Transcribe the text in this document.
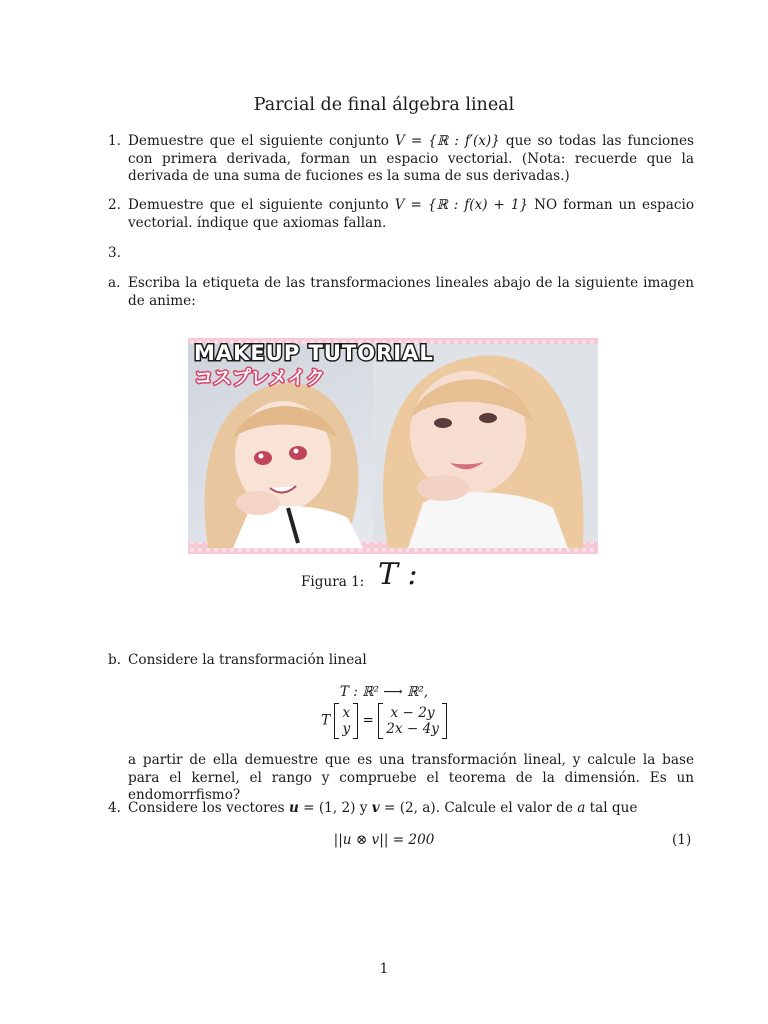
Parcial de final álgebra lineal
1. Demuestre que el siguiente conjunto V = {ℝ : f′(x)} que so todas las funciones con primera derivada, forman un espacio vectorial. (Nota: recuerde que la derivada de una suma de fuciones es la suma de sus derivadas.)
2. Demuestre que el siguiente conjunto V = {ℝ : f(x) + 1} NO forman un espacio vectorial. índique que axiomas fallan.
3.
a. Escriba la etiqueta de las transformaciones lineales abajo de la siguiente imagen de anime:
MAKEUP TUTORIAL
コスプレメイク
Figura 1: T :
b. Considere la transformación lineal
T : ℝ² ⟶ ℝ²,
T x
y
= x − 2y
2x − 4y
a partir de ella demuestre que es una transformación lineal, y calcule la base para el kernel, el rango y compruebe el teorema de la dimensión. Es un endomorrfismo?
4. Considere los vectores u = (1, 2) y v = (2, a). Calcule el valor de a tal que
||u ⊗ v|| = 200	(1)
1
